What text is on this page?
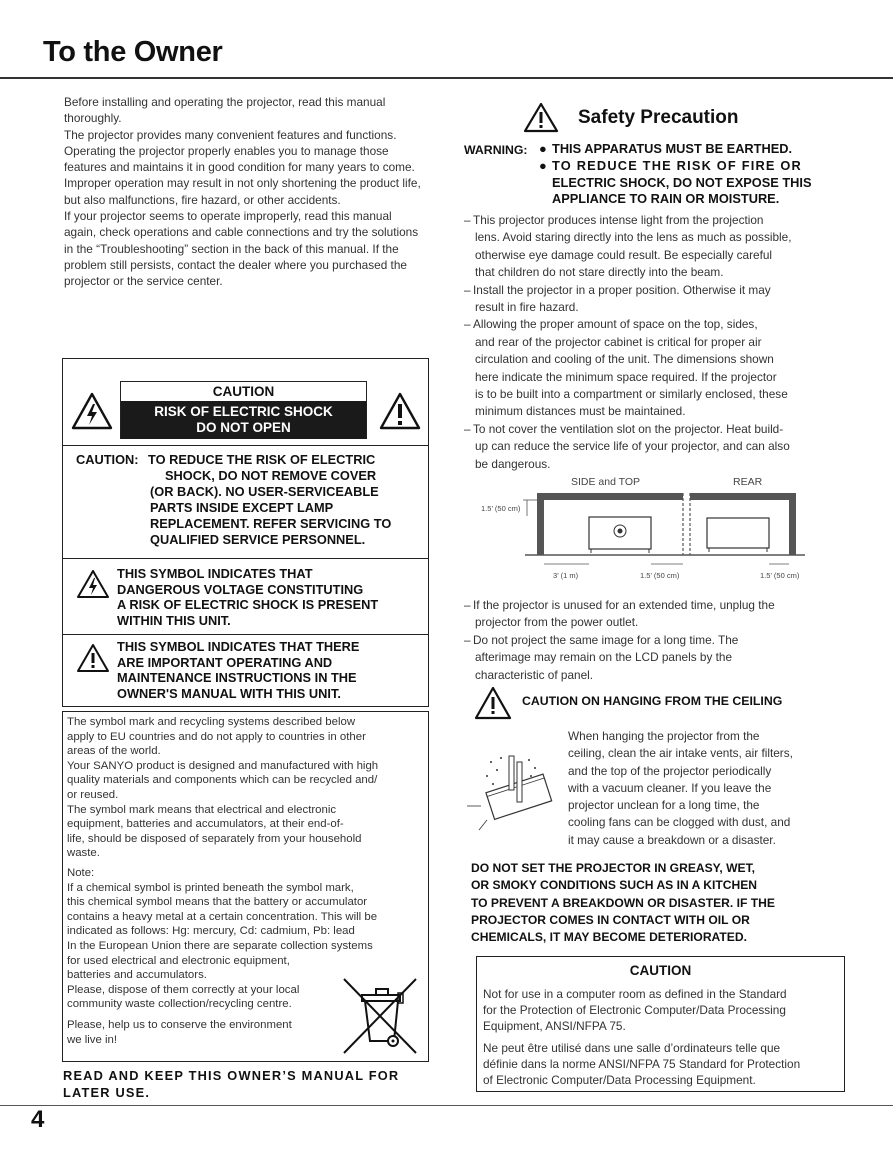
To the Owner

Before installing and operating the projector, read this manual thoroughly.

The projector provides many convenient features and functions. Operating the projector properly enables you to manage those features and maintains it in good condition for many years to come.

Improper operation may result in not only shortening the product life, but also malfunctions, fire hazard, or other accidents.

If your projector seems to operate improperly, read this manual again, check operations and cable connections and try the solutions in the “Troubleshooting” section in the back of this manual. If the problem still persists, contact the dealer where you purchased the projector or the service center.

CAUTION
RISK OF ELECTRIC SHOCK
DO NOT OPEN
CAUTION: TO REDUCE THE RISK OF ELECTRIC
SHOCK, DO NOT REMOVE COVER
(OR BACK). NO USER-SERVICEABLE
PARTS INSIDE EXCEPT LAMP
REPLACEMENT. REFER SERVICING TO
QUALIFIED SERVICE PERSONNEL.
THIS SYMBOL INDICATES THAT
DANGEROUS VOLTAGE CONSTITUTING
A RISK OF ELECTRIC SHOCK IS PRESENT
WITHIN THIS UNIT.
THIS SYMBOL INDICATES THAT THERE
ARE IMPORTANT OPERATING AND
MAINTENANCE INSTRUCTIONS IN THE
OWNER'S MANUAL WITH THIS UNIT.
The symbol mark and recycling systems described below
apply to EU countries and do not apply to countries in other
areas of the world.
Your SANYO product is designed and manufactured with high
quality materials and components which can be recycled and/
or reused.
The symbol mark means that electrical and electronic
equipment, batteries and accumulators, at their end-of-
life, should be disposed of separately from your household
waste.
Note:
If a chemical symbol is printed beneath the symbol mark,
this chemical symbol means that the battery or accumulator
contains a heavy metal at a certain concentration. This will be
indicated as follows: Hg: mercury, Cd: cadmium, Pb: lead
In the European Union there are separate collection systems
for used electrical and electronic equipment,
batteries and accumulators.
Please, dispose of them correctly at your local
community waste collection/recycling centre.
Please, help us to conserve the environment
we live in!
READ AND KEEP THIS OWNER’S MANUAL FOR LATER USE.
Safety Precaution
WARNING: ● THIS APPARATUS MUST BE EARTHED.
● TO REDUCE THE RISK OF FIRE OR
ELECTRIC SHOCK, DO NOT EXPOSE THIS
APPLIANCE TO RAIN OR MOISTURE.
– This projector produces intense light from the projection
lens. Avoid staring directly into the lens as much as possible,
otherwise eye damage could result. Be especially careful
that children do not stare directly into the beam.
– Install the projector in a proper position. Otherwise it may
result in fire hazard.
– Allowing the proper amount of space on the top, sides,
and rear of the projector cabinet is critical for proper air
circulation and cooling of the unit. The dimensions shown
here indicate the minimum space required. If the projector
is to be built into a compartment or similarly enclosed, these
minimum distances must be maintained.
– To not cover the ventilation slot on the projector. Heat build-
up can reduce the service life of your projector, and can also
be dangerous.
SIDE and TOP	REAR
1.5’ (50 cm)
3’ (1 m)	1.5’ (50 cm)	1.5’ (50 cm)
– If the projector is unused for an extended time, unplug the
projector from the power outlet.
– Do not project the same image for a long time. The
afterimage may remain on the LCD panels by the
characteristic of panel.
CAUTION ON HANGING FROM THE CEILING
When hanging the projector from the
ceiling, clean the air intake vents, air filters,
and the top of the projector periodically
with a vacuum cleaner. If you leave the
projector unclean for a long time, the
cooling fans can be clogged with dust, and
it may cause a breakdown or a disaster.
DO NOT SET THE PROJECTOR IN GREASY, WET,
OR SMOKY CONDITIONS SUCH AS IN A KITCHEN
TO PREVENT A BREAKDOWN OR DISASTER. IF THE
PROJECTOR COMES IN CONTACT WITH OIL OR
CHEMICALS, IT MAY BECOME DETERIORATED.
CAUTION
Not for use in a computer room as defined in the Standard
for the Protection of Electronic Computer/Data Processing
Equipment, ANSI/NFPA 75.
Ne peut être utilisé dans une salle d’ordinateurs telle que
définie dans la norme ANSI/NFPA 75 Standard for Protection
of Electronic Computer/Data Processing Equipment.
4
